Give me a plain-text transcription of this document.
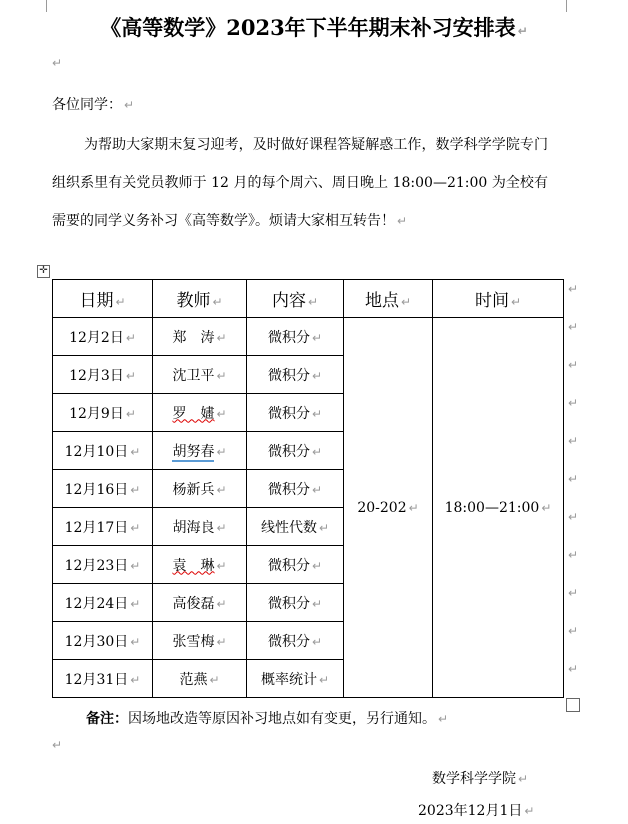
《高等数学》2023年下半年期末补习安排表 ↵
↵
各位同学： ↵
为帮助大家期末复习迎考，及时做好课程答疑解惑工作，数学科学学院专门组织系里有关党员教师于 12 月的每个周六、周日晚上 18:00—21:00 为全校有需要的同学义务补习《高等数学》。烦请大家相互转告！ ↵
✛
日期 ↵	教师 ↵	内容 ↵	地点 ↵	时间 ↵
12月2日 ↵	郑　涛 ↵	微积分 ↵	20-202 ↵	18:00—21:00 ↵
12月3日 ↵	沈卫平 ↵	微积分 ↵		
12月9日 ↵	罗　嫿 ↵	微积分 ↵		
12月10日 ↵	胡努春 ↵	微积分 ↵		
12月16日 ↵	杨新兵 ↵	微积分 ↵		
12月17日 ↵	胡海良 ↵	线性代数 ↵		
12月23日 ↵	袁　琳 ↵	微积分 ↵		
12月24日 ↵	高俊磊 ↵	微积分 ↵		
12月30日 ↵	张雪梅 ↵	微积分 ↵		
12月31日 ↵	范燕 ↵	概率统计 ↵		
↵
↵
↵
↵
↵
↵
↵
↵
↵
↵
↵
备注：因场地改造等原因补习地点如有变更，另行通知。 ↵
↵
数学科学学院 ↵
2023年12月1日 ↵
